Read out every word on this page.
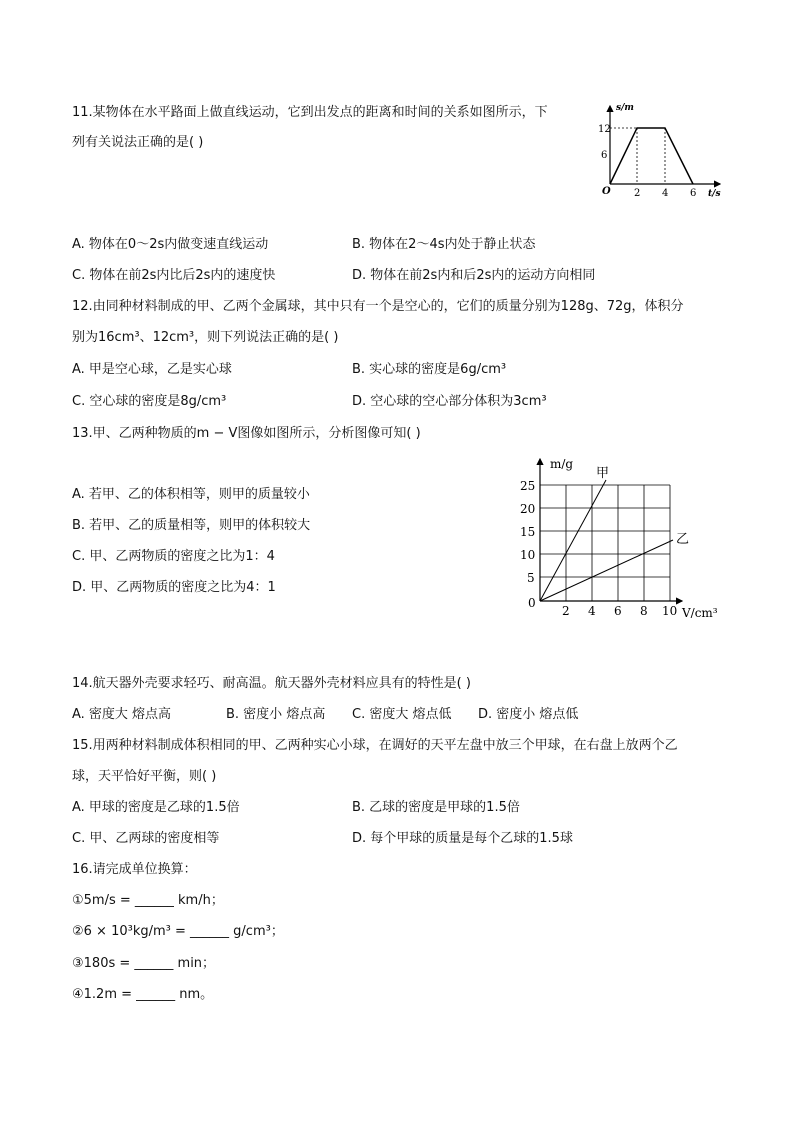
11.某物体在水平路面上做直线运动，它到出发点的距离和时间的关系如图所示，下
列有关说法正确的是( )
s/m
t/s
O
12
6
2 4 6
A. 物体在0～2s内做变速直线运动	B. 物体在2～4s内处于静止状态
C. 物体在前2s内比后2s内的速度快	D. 物体在前2s内和后2s内的运动方向相同
12.由同种材料制成的甲、乙两个金属球，其中只有一个是空心的，它们的质量分别为128g、72g，体积分
别为16cm³、12cm³，则下列说法正确的是( )
A. 甲是空心球，乙是实心球	B. 实心球的密度是6g/cm³
C. 空心球的密度是8g/cm³	D. 空心球的空心部分体积为3cm³
13.甲、乙两种物质的m − V图像如图所示，分析图像可知( )
A. 若甲、乙的体积相等，则甲的质量较小
B. 若甲、乙的质量相等，则甲的体积较大
C. 甲、乙两物质的密度之比为1：4
D. 甲、乙两物质的密度之比为4：1
m/g
V/cm³
0
25
20
15
10
5
2 4 6 8 10
甲
乙
14.航天器外壳要求轻巧、耐高温。航天器外壳材料应具有的特性是( )
A. 密度大 熔点高	B. 密度小 熔点高 C. 密度大 熔点低 D. 密度小 熔点低
15.用两种材料制成体积相同的甲、乙两种实心小球，在调好的天平左盘中放三个甲球，在右盘上放两个乙
球，天平恰好平衡，则( )
A. 甲球的密度是乙球的1.5倍	B. 乙球的密度是甲球的1.5倍
C. 甲、乙两球的密度相等	D. 每个甲球的质量是每个乙球的1.5球
16.请完成单位换算：
①5m/s = ______ km/h；
②6 × 10³kg/m³ = ______ g/cm³；
③180s = ______ min；
④1.2m = ______ nm。
